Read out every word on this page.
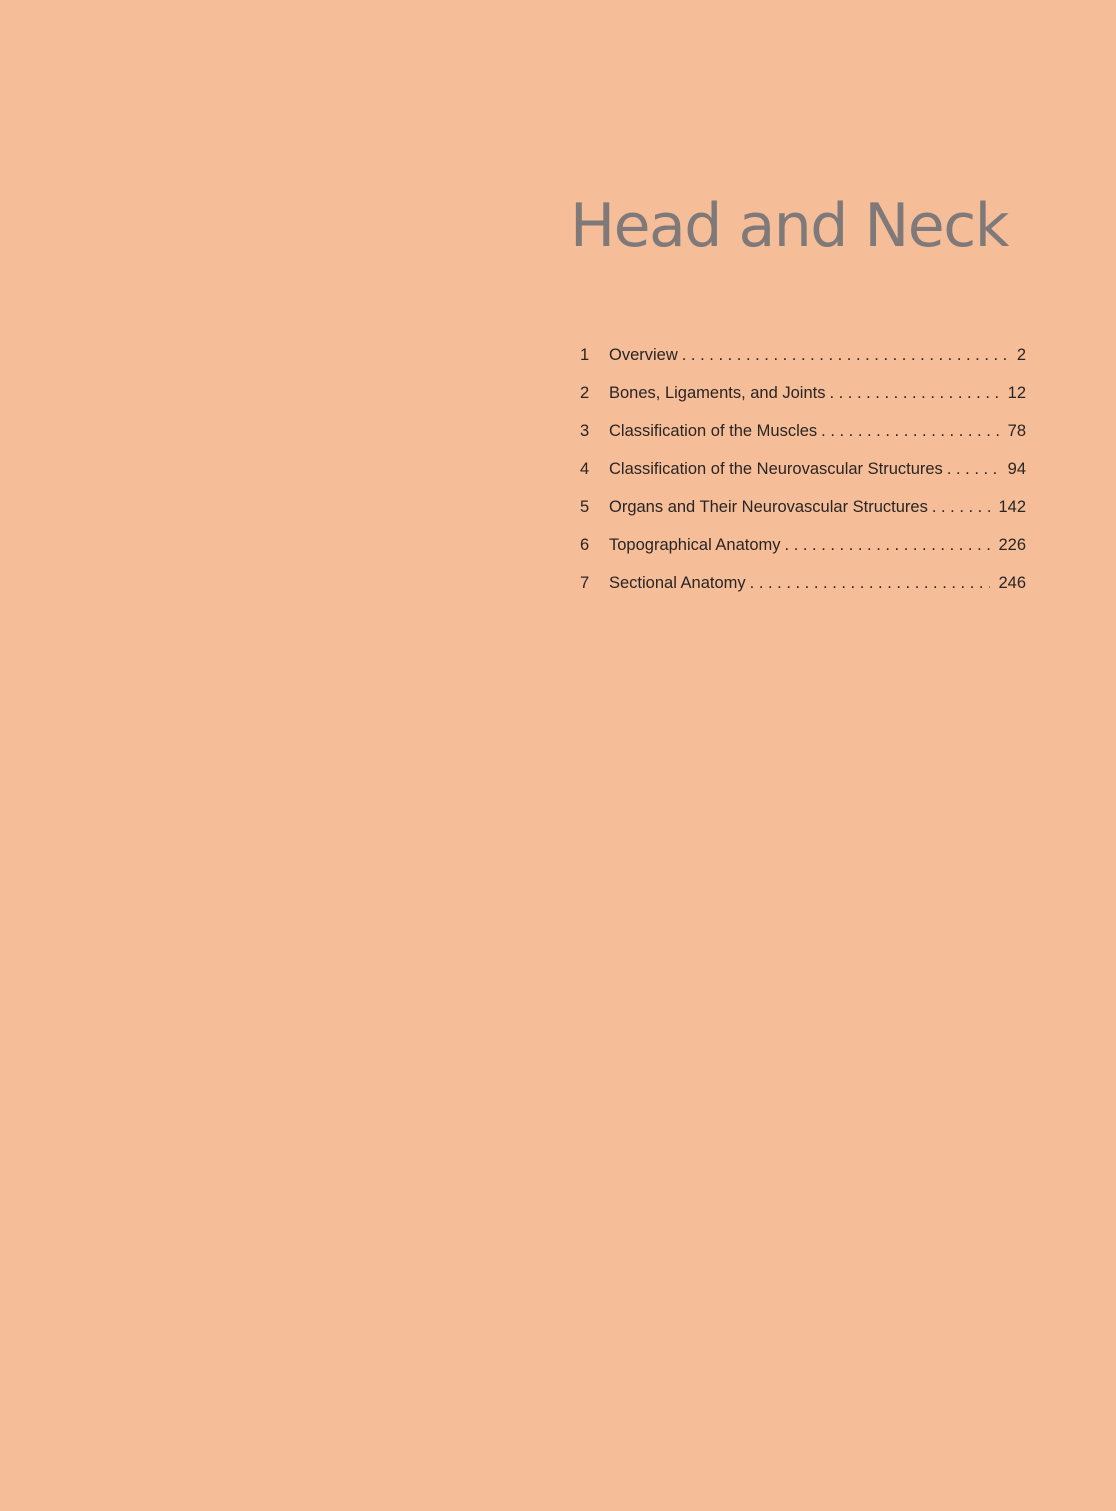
Head and Neck
1	Overview . . .	2
2	Bones, Ligaments, and Joints . . .	12
3	Classification of the Muscles . . .	78
4	Classification of the Neurovascular Structures . . .	94
5	Organs and Their Neurovascular Structures . . .	142
6	Topographical Anatomy . . .	226
7	Sectional Anatomy . . .	246
